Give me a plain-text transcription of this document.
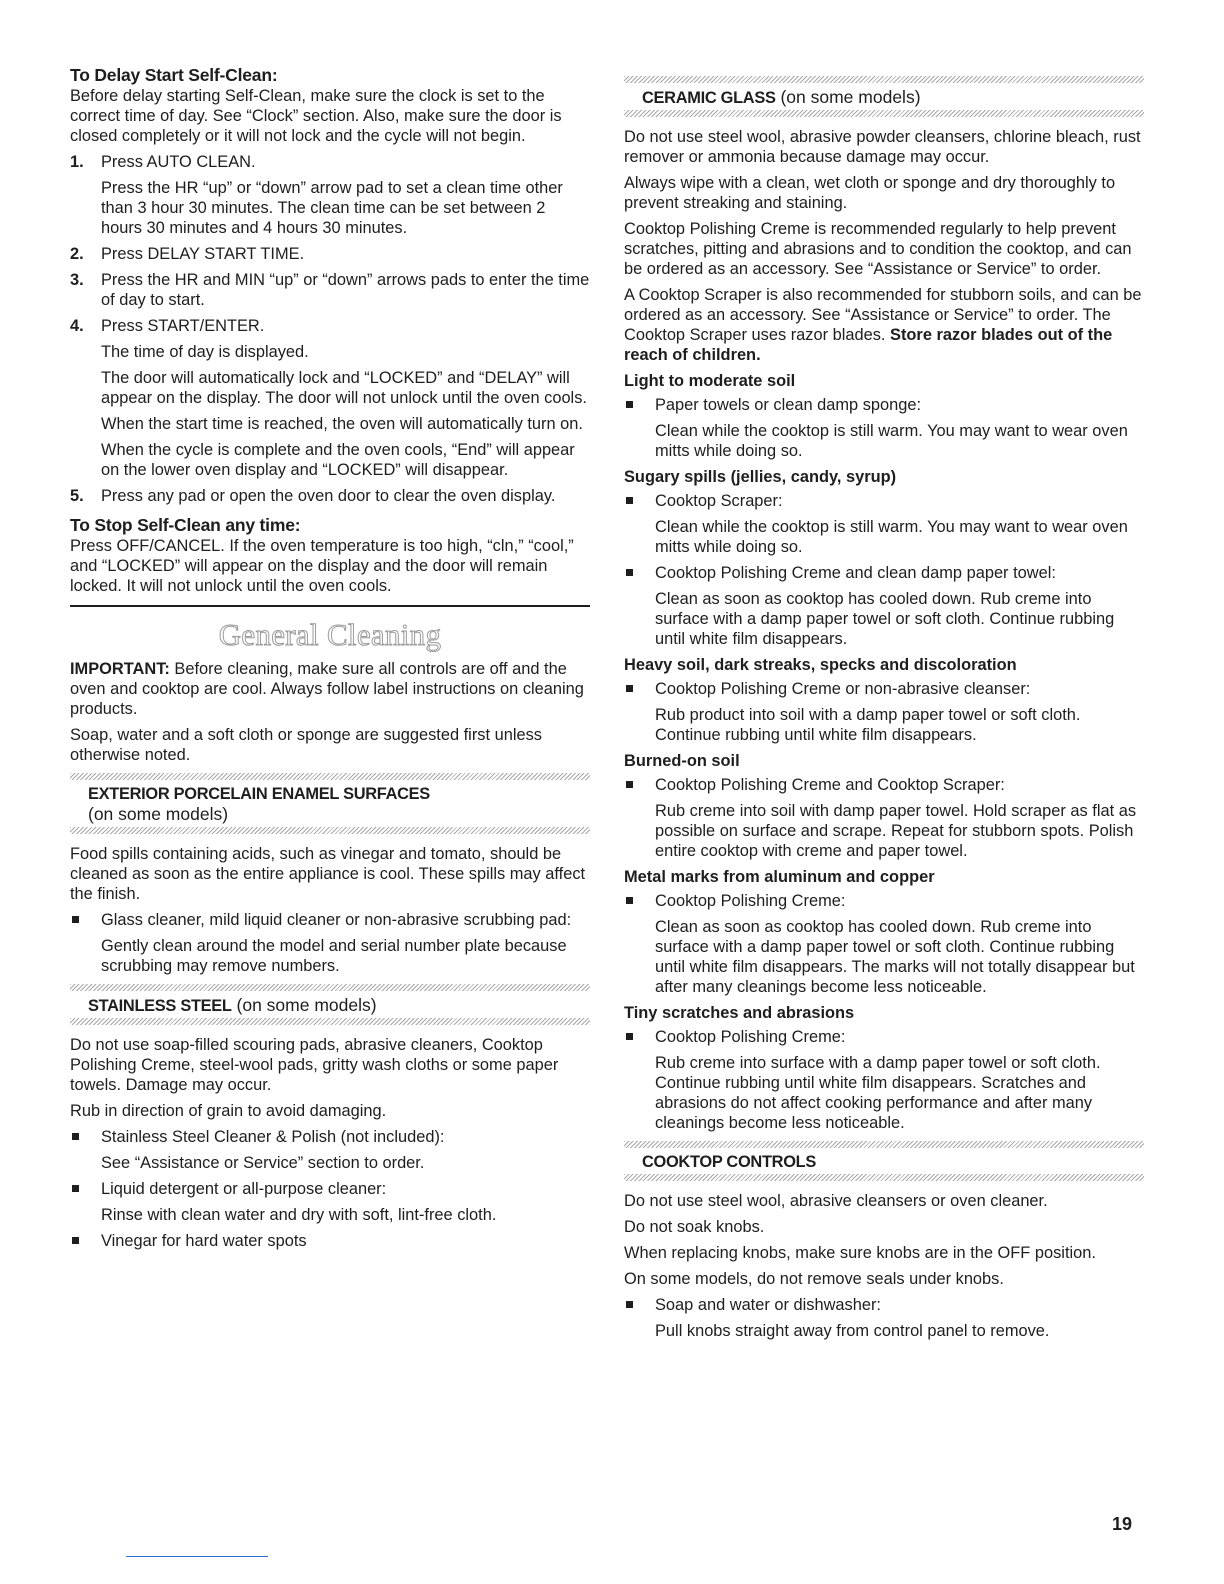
To Delay Start Self-Clean:

Before delay starting Self-Clean, make sure the clock is set to the correct time of day. See “Clock” section. Also, make sure the door is closed completely or it will not lock and the cycle will not begin.

1. Press AUTO CLEAN.

Press the HR “up” or “down” arrow pad to set a clean time other than 3 hour 30 minutes. The clean time can be set between 2 hours 30 minutes and 4 hours 30 minutes.

2. Press DELAY START TIME.

3. Press the HR and MIN “up” or “down” arrows pads to enter the time of day to start.

4. Press START/ENTER.

The time of day is displayed.

The door will automatically lock and “LOCKED” and “DELAY” will appear on the display. The door will not unlock until the oven cools.

When the start time is reached, the oven will automatically turn on.

When the cycle is complete and the oven cools, “End” will appear on the lower oven display and “LOCKED” will disappear.

5. Press any pad or open the oven door to clear the oven display.

To Stop Self-Clean any time:

Press OFF/CANCEL. If the oven temperature is too high, “cln,” “cool,” and “LOCKED” will appear on the display and the door will remain locked. It will not unlock until the oven cools.

General Cleaning

IMPORTANT: Before cleaning, make sure all controls are off and the oven and cooktop are cool. Always follow label instructions on cleaning products.

Soap, water and a soft cloth or sponge are suggested first unless otherwise noted.

EXTERIOR PORCELAIN ENAMEL SURFACES
(on some models)

Food spills containing acids, such as vinegar and tomato, should be cleaned as soon as the entire appliance is cool. These spills may affect the finish.

Glass cleaner, mild liquid cleaner or non-abrasive scrubbing pad:

Gently clean around the model and serial number plate because scrubbing may remove numbers.

STAINLESS STEEL (on some models)

Do not use soap-filled scouring pads, abrasive cleaners, Cooktop Polishing Creme, steel-wool pads, gritty wash cloths or some paper towels. Damage may occur.

Rub in direction of grain to avoid damaging.

Stainless Steel Cleaner & Polish (not included):

See “Assistance or Service” section to order.

Liquid detergent or all-purpose cleaner:

Rinse with clean water and dry with soft, lint-free cloth.

Vinegar for hard water spots

CERAMIC GLASS (on some models)

Do not use steel wool, abrasive powder cleansers, chlorine bleach, rust remover or ammonia because damage may occur.

Always wipe with a clean, wet cloth or sponge and dry thoroughly to prevent streaking and staining.

Cooktop Polishing Creme is recommended regularly to help prevent scratches, pitting and abrasions and to condition the cooktop, and can be ordered as an accessory. See “Assistance or Service” to order.

A Cooktop Scraper is also recommended for stubborn soils, and can be ordered as an accessory. See “Assistance or Service” to order. The Cooktop Scraper uses razor blades. Store razor blades out of the reach of children.

Light to moderate soil

Paper towels or clean damp sponge:

Clean while the cooktop is still warm. You may want to wear oven mitts while doing so.

Sugary spills (jellies, candy, syrup)

Cooktop Scraper:

Clean while the cooktop is still warm. You may want to wear oven mitts while doing so.

Cooktop Polishing Creme and clean damp paper towel:

Clean as soon as cooktop has cooled down. Rub creme into surface with a damp paper towel or soft cloth. Continue rubbing until white film disappears.

Heavy soil, dark streaks, specks and discoloration

Cooktop Polishing Creme or non-abrasive cleanser:

Rub product into soil with a damp paper towel or soft cloth. Continue rubbing until white film disappears.

Burned-on soil

Cooktop Polishing Creme and Cooktop Scraper:

Rub creme into soil with damp paper towel. Hold scraper as flat as possible on surface and scrape. Repeat for stubborn spots. Polish entire cooktop with creme and paper towel.

Metal marks from aluminum and copper

Cooktop Polishing Creme:

Clean as soon as cooktop has cooled down. Rub creme into surface with a damp paper towel or soft cloth. Continue rubbing until white film disappears. The marks will not totally disappear but after many cleanings become less noticeable.

Tiny scratches and abrasions

Cooktop Polishing Creme:

Rub creme into surface with a damp paper towel or soft cloth. Continue rubbing until white film disappears. Scratches and abrasions do not affect cooking performance and after many cleanings become less noticeable.

COOKTOP CONTROLS

Do not use steel wool, abrasive cleansers or oven cleaner.

Do not soak knobs.

When replacing knobs, make sure knobs are in the OFF position.

On some models, do not remove seals under knobs.

Soap and water or dishwasher:

Pull knobs straight away from control panel to remove.

19
